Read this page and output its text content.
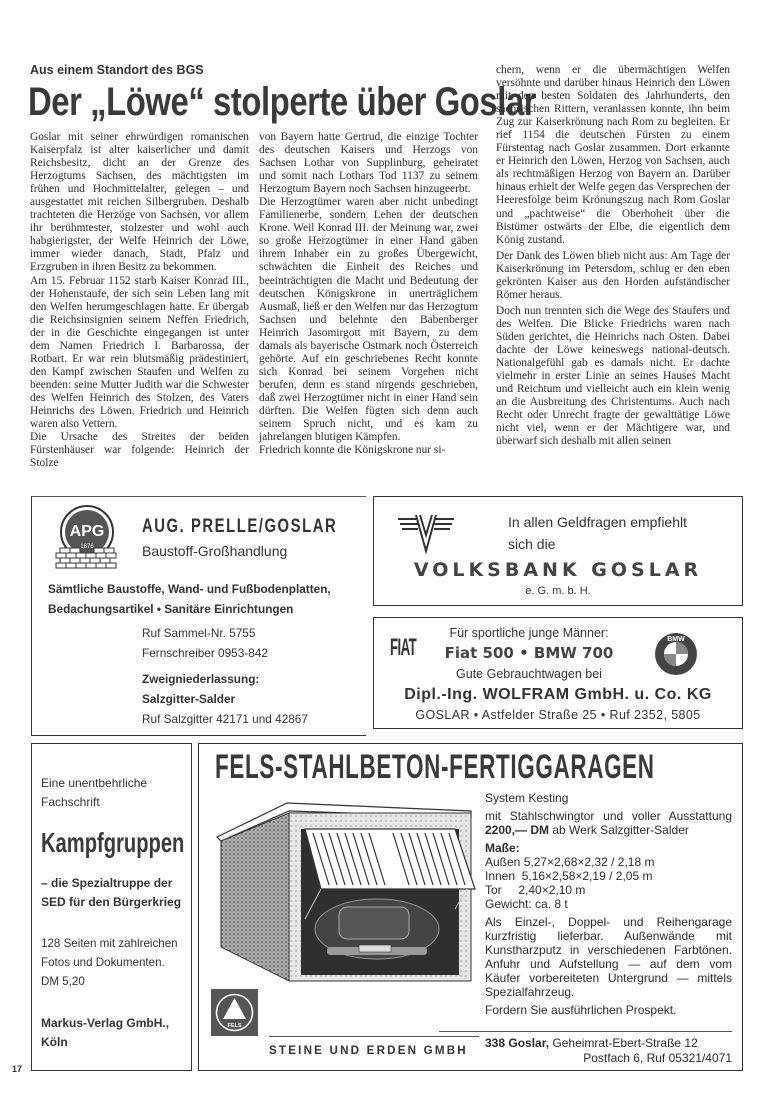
Aus einem Standort des BGS
Der „Löwe“ stolperte über Goslar

Goslar mit seiner ehrwürdigen romanischen Kaiserpfalz ist alter kaiserlicher und damit Reichsbesitz, dicht an der Grenze des Herzogtums Sachsen, des mächtigsten im frühen und Hochmittelalter, gelegen – und ausgestattet mit reichen Silbergruben. Deshalb trachteten die Herzöge von Sachsen, vor allem ihr berühmtester, stolzester und wohl auch habgierigster, der Welfe Heinrich der Löwe, immer wieder danach, Stadt, Pfalz und Erzgruben in ihren Besitz zu bekommen.

Am 15. Februar 1152 starb Kaiser Konrad III., der Hohenstaufe, der sich sein Leben lang mit den Welfen herumgeschlagen hatte. Er übergab die Reichsinsignien seinem Neffen Friedrich, der in die Geschichte eingegangen ist unter dem Namen Friedrich I. Barbarossa, der Rotbart. Er war rein blutsmäßig prädestiniert, den Kampf zwischen Staufen und Welfen zu beenden: seine Mutter Judith war die Schwester des Welfen Heinrich des Stolzen, des Vaters Heinrichs des Löwen. Friedrich und Heinrich waren also Vettern.

Die Ursache des Streites der beiden Fürstenhäuser war folgende: Heinrich der Stolze

von Bayern hatte Gertrud, die einzige Tochter des deutschen Kaisers und Herzogs von Sachsen Lothar von Supplinburg, geheiratet und somit nach Lothars Tod 1137 zu seinem Herzogtum Bayern noch Sachsen hinzugeerbt.

Die Herzogtümer waren aber nicht unbedingt Familienerbe, sondern Lehen der deutschen Krone. Weil Konrad III. der Meinung war, zwei so große Herzogtümer in einer Hand gäben ihrem Inhaber ein zu großes Übergewicht, schwächten die Einheit des Reiches und beeinträchtigten die Macht und Bedeutung der deutschen Königskrone in unerträglichem Ausmaß, ließ er den Welfen nur das Herzogtum Sachsen und belehnte den Babenberger Heinrich Jasomirgott mit Bayern, zu dem damals als bayerische Ostmark noch Österreich gehörte. Auf ein geschriebenes Recht konnte sich Konrad bei seinem Vorgehen nicht berufen, denn es stand nirgends geschrieben, daß zwei Herzogtümer nicht in einer Hand sein dürften. Die Welfen fügten sich denn auch seinem Spruch nicht, und es kam zu jahrelangen blutigen Kämpfen.

Friedrich konnte die Königskrone nur si-

chern, wenn er die übermächtigen Welfen versöhnte und darüber hinaus Heinrich den Löwen mit den besten Soldaten des Jahrhunderts, den sächsischen Rittern, veranlassen konnte, ihn beim Zug zur Kaiserkrönung nach Rom zu begleiten. Er rief 1154 die deutschen Fürsten zu einem Fürstentag nach Goslar zusammen. Dort erkannte er Heinrich den Löwen, Herzog von Sachsen, auch als rechtmäßigen Herzog von Bayern an. Darüber hinaus erhielt der Welfe gegen das Versprechen der Heeresfolge beim Krönungszug nach Rom Goslar und „pachtweise“ die Oberhoheit über die Bistümer ostwärts der Elbe, die eigentlich dem König zustand.

Der Dank des Löwen blieb nicht aus: Am Tage der Kaiserkrönung im Petersdom, schlug er den eben gekrönten Kaiser aus den Horden aufständischer Römer heraus.

Doch nun trennten sich die Wege des Staufers und des Welfen. Die Blicke Friedrichs waren nach Süden gerichtet, die Heinrichs nach Osten. Dabei dachte der Löwe keineswegs national-deutsch. Nationalgefühl gab es damals nicht. Er dachte vielmehr in erster Linie an seines Hauses Macht und Reichtum und vielleicht auch ein klein wenig an die Ausbreitung des Christentums. Auch nach Recht oder Unrecht fragte der gewalttätige Löwe nicht viel, wenn er der Mächtigere war, und überwarf sich deshalb mit allen seinen

APG
1876
AUG. PRELLE/GOSLAR
Baustoff-Großhandlung
Sämtliche Baustoffe, Wand- und Fußbodenplatten,
Bedachungsartikel • Sanitäre Einrichtungen
Ruf Sammel-Nr. 5755
Fernschreiber 0953-842
Zweigniederlassung:
Salzgitter-Salder
Ruf Salzgitter 42171 und 42867
In allen Geldfragen empfiehlt
sich die
VOLKSBANK GOSLAR
e. G. m. b. H.
FIAT
Für sportliche junge Männer:
Fiat 500 • BMW 700
Gute Gebrauchtwagen bei
BMW
Dipl.-Ing. WOLFRAM GmbH. u. Co. KG
GOSLAR • Astfelder Straße 25 • Ruf 2352, 5805
Eine unentbehrliche
Fachschrift
Kampfgruppen
– die Spezialtruppe der
SED für den Bürgerkrieg
128 Seiten mit zahlreichen
Fotos und Dokumenten.
DM 5,20
Markus-Verlag GmbH.,
Köln
17
FELS-STAHLBETON-FERTIGGARAGEN
FELS
STEINE UND ERDEN GMBH

System Kesting

mit Stahlschwingtor und voller Ausstattung 2200,— DM ab Werk Salzgitter-Salder

Maße:
Außen 5,27×2,68×2,32 / 2,18 m
Innen  5,16×2,58×2,19 / 2,05 m
Tor     2,40×2,10 m
Gewicht: ca. 8 t

Als Einzel-, Doppel- und Reihengarage kurzfristig lieferbar. Außenwände mit Kunstharzputz in verschiedenen Farbtönen. Anfuhr und Aufstellung — auf dem vom Käufer vorbereiteten Untergrund — mittels Spezialfahrzeug.

Fordern Sie ausführlichen Prospekt.

338 Goslar, Geheimrat-Ebert-Straße 12
Postfach 6, Ruf 05321/4071
